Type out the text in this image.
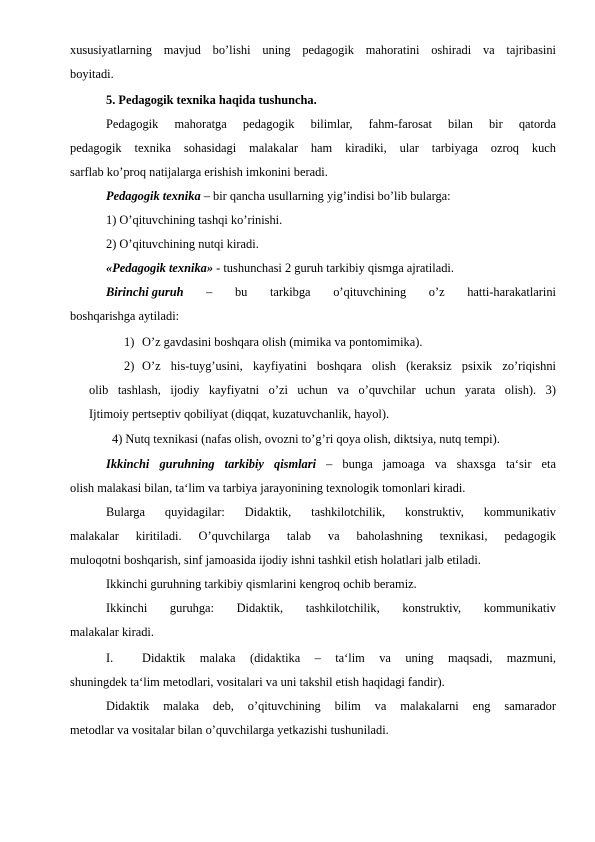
xususiyatlarning mavjud bo’lishi uning pedagogik mahoratini oshiradi va tajribasini
boyitadi.
5. Pedagogik texnika haqida tushuncha.
Pedagogik mahoratga pedagogik bilimlar, fahm-farosat bilan bir qatorda
pedagogik texnika sohasidagi malakalar ham kiradiki, ular tarbiyaga ozroq kuch
sarflab ko’proq natijalarga erishish imkonini beradi.
Pedagogik texnika – bir qancha usullarning yig’indisi bo’lib bularga:
1) O’qituvchining tashqi ko’rinishi.
2) O’qituvchining nutqi kiradi.
«Pedagogik texnika» - tushunchasi 2 guruh tarkibiy qismga ajratiladi.
Birinchi guruh – bu tarkibga o’qituvchining o’z hatti-harakatlarini
boshqarishga aytiladi:
1) O’z gavdasini boshqara olish (mimika va pontomimika).
2) O’z his-tuyg’usini, kayfiyatini boshqara olish (keraksiz psixik zo’riqishni
olib tashlash, ijodiy kayfiyatni o’zi uchun va o’quvchilar uchun yarata olish). 3)
Ijtimoiy pertseptiv qobiliyat (diqqat, kuzatuvchanlik, hayol).
4) Nutq texnikasi (nafas olish, ovozni to’g’ri qoya olish, diktsiya, nutq tempi).
Ikkinchi guruhning tarkibiy qismlari – bunga jamoaga va shaxsga ta‘sir eta
olish malakasi bilan, ta‘lim va tarbiya jarayonining texnologik tomonlari kiradi.
Bularga quyidagilar: Didaktik, tashkilotchilik, konstruktiv, kommunikativ
malakalar kiritiladi. O’quvchilarga talab va baholashning texnikasi, pedagogik
muloqotni boshqarish, sinf jamoasida ijodiy ishni tashkil etish holatlari jalb etiladi.
Ikkinchi guruhning tarkibiy qismlarini kengroq ochib beramiz.
Ikkinchi guruhga: Didaktik, tashkilotchilik, konstruktiv, kommunikativ
malakalar kiradi.
I.	Didaktik malaka (didaktika – ta‘lim va uning maqsadi, mazmuni,
shuningdek ta‘lim metodlari, vositalari va uni takshil etish haqidagi fandir).
Didaktik malaka deb, o’qituvchining bilim va malakalarni eng samarador
metodlar va vositalar bilan o’quvchilarga yetkazishi tushuniladi.
